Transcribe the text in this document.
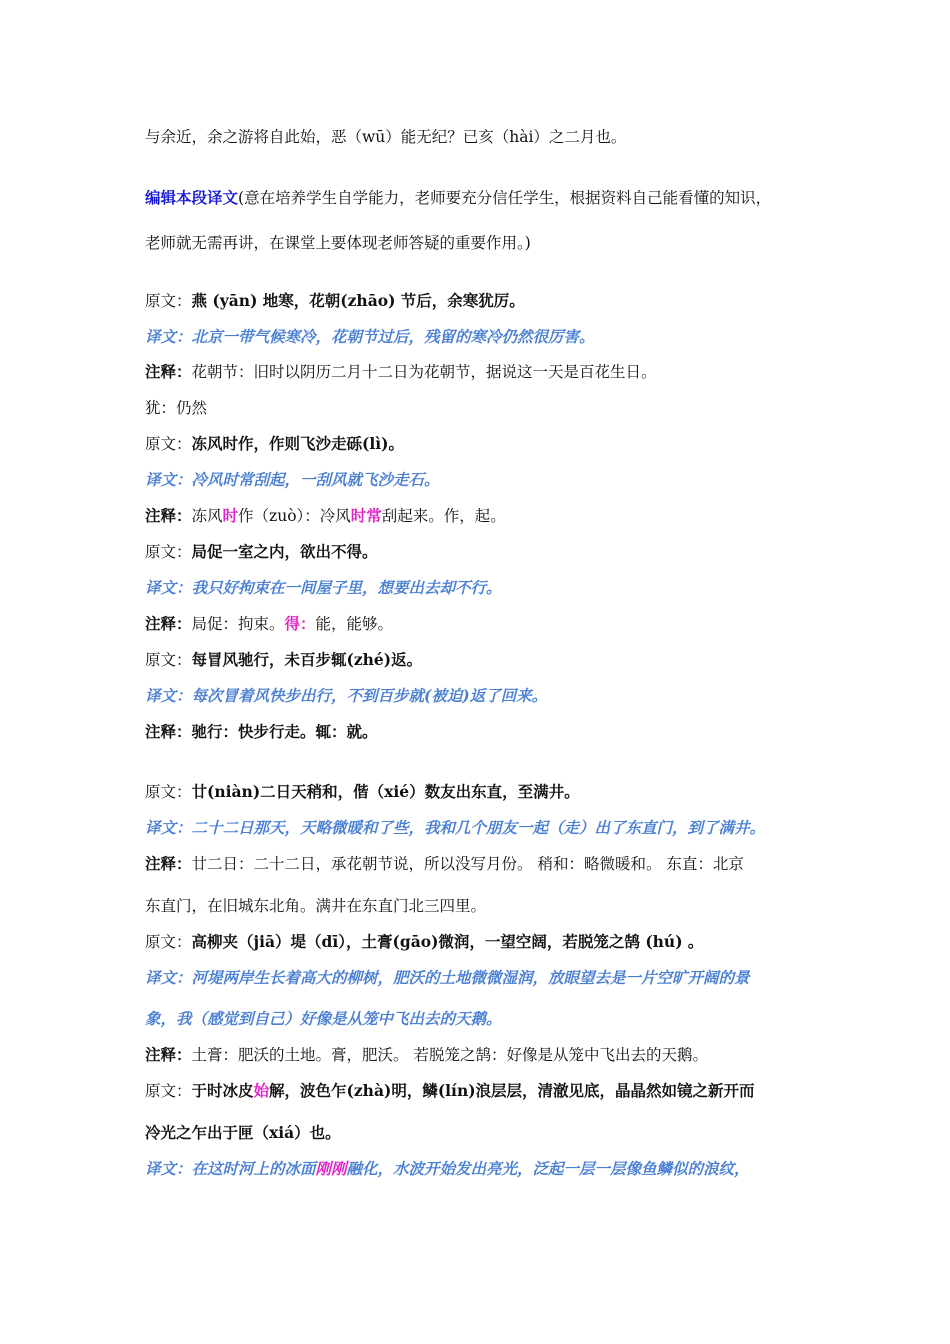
与余近，余之游将自此始，恶（wū）能无纪？已亥（hài）之二月也。
编辑本段译文(意在培养学生自学能力，老师要充分信任学生，根据资料自己能看懂的知识，
老师就无需再讲，在课堂上要体现老师答疑的重要作用。)
原文：燕 (yān) 地寒，花朝(zhāo) 节后，余寒犹厉。
译文：北京一带气候寒冷，花朝节过后，残留的寒冷仍然很厉害。
注释：花朝节：旧时以阴历二月十二日为花朝节，据说这一天是百花生日。
犹：仍然
原文：冻风时作，作则飞沙走砾(lì)。
译文：冷风时常刮起，一刮风就飞沙走石。
注释：冻风时作（zuò）：冷风时常刮起来。作，起。
原文：局促一室之内，欲出不得。
译文：我只好拘束在一间屋子里，想要出去却不行。
注释：局促：拘束。得：能，能够。
原文：每冒风驰行，未百步辄(zhé)返。
译文：每次冒着风快步出行，不到百步就(被迫)返了回来。
注释：驰行：快步行走。辄：就。
原文：廿(niàn)二日天稍和，偕（xié）数友出东直，至满井。
译文：二十二日那天，天略微暖和了些，我和几个朋友一起（走）出了东直门，到了满井。
注释：廿二日：二十二日，承花朝节说，所以没写月份。 稍和：略微暖和。 东直：北京
东直门，在旧城东北角。满井在东直门北三四里。
原文：高柳夹（jiā）堤（dī），土膏(gāo)微润，一望空阔，若脱笼之鹄 (hú) 。
译文：河堤两岸生长着高大的柳树，肥沃的土地微微湿润，放眼望去是一片空旷开阔的景
象，我（感觉到自己）好像是从笼中飞出去的天鹅。
注释：土膏：肥沃的土地。膏，肥沃。 若脱笼之鹄：好像是从笼中飞出去的天鹅。
原文：于时冰皮始解，波色乍(zhà)明，鳞(lín)浪层层，清澈见底，晶晶然如镜之新开而
冷光之乍出于匣（xiá）也。
译文：在这时河上的冰面刚刚融化，水波开始发出亮光，泛起一层一层像鱼鳞似的浪纹，
